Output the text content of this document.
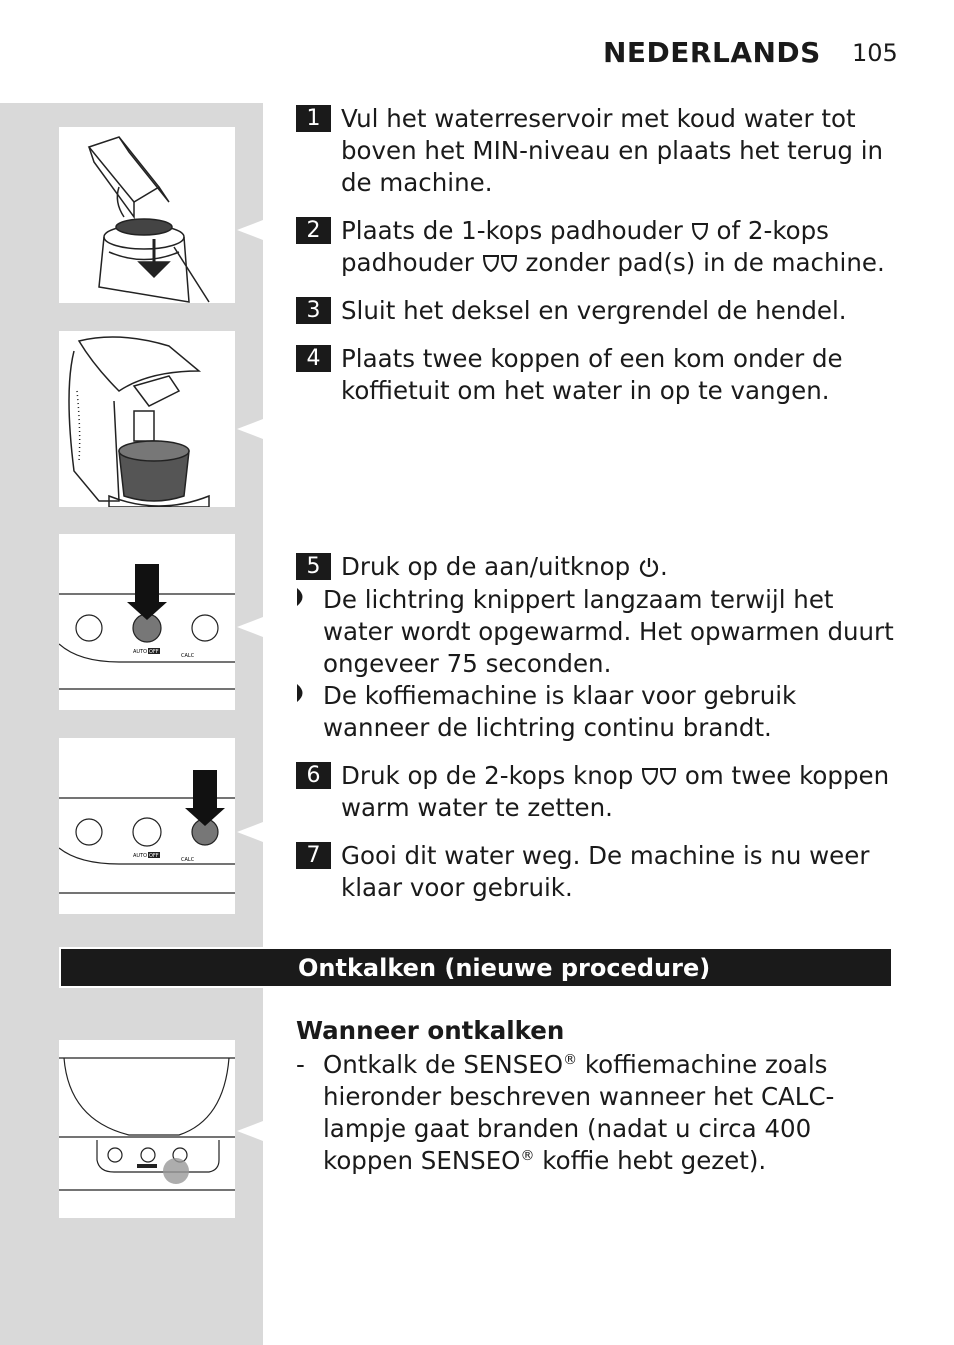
NEDERLANDS 105
AUTO OFF
CALC
AUTO OFF
CALC
1 Vul het waterreservoir met koud water tot boven het MIN-niveau en plaats het terug in de machine.
2 Plaats de 1-kops padhouder of 2-kops padhouder zonder pad(s) in de machine.
3 Sluit het deksel en vergrendel de hendel.
4 Plaats twee koppen of een kom onder de koffietuit om het water in op te vangen.
5 Druk op de aan/uitknop .
De lichtring knippert langzaam terwijl het water wordt opgewarmd. Het opwarmen duurt ongeveer 75 seconden.
De koffiemachine is klaar voor gebruik wanneer de lichtring continu brandt.
6 Druk op de 2-kops knop om twee koppen warm water te zetten.
7 Gooi dit water weg. De machine is nu weer klaar voor gebruik.
Ontkalken (nieuwe procedure)
Wanneer ontkalken
- Ontkalk de SENSEO® koffiemachine zoals hieronder beschreven wanneer het CALC-lampje gaat branden (nadat u circa 400 koppen SENSEO® koffie hebt gezet).
